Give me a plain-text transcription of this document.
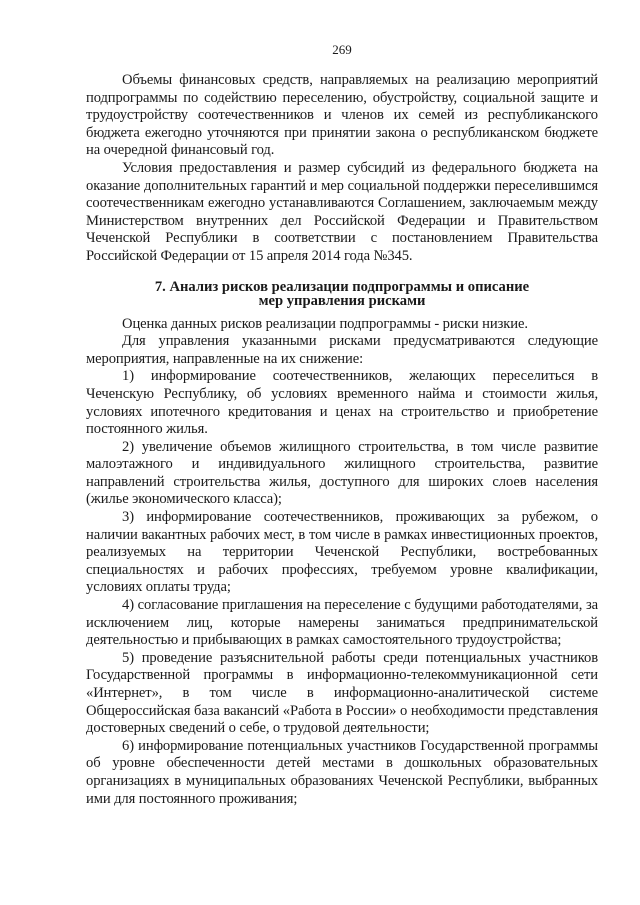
269

Объемы финансовых средств, направляемых на реализацию мероприятий подпрограммы по содействию переселению, обустройству, социальной защите и трудоустройству соотечественников и членов их семей из республиканского бюджета ежегодно уточняются при принятии закона о республиканском бюджете на очередной финансовый год.

Условия предоставления и размер субсидий из федерального бюджета на оказание дополнительных гарантий и мер социальной поддержки переселившимся соотечественникам ежегодно устанавливаются Соглашением, заключаемым между Министерством внутренних дел Российской Федерации и Правительством Чеченской Республики в соответствии с постановлением Правительства Российской Федерации от 15 апреля 2014 года №345.

7. Анализ рисков реализации подпрограммы и описание
мер управления рисками

Оценка данных рисков реализации подпрограммы - риски низкие.

Для управления указанными рисками предусматриваются следующие мероприятия, направленные на их снижение:

1) информирование соотечественников, желающих переселиться в Чеченскую Республику, об условиях временного найма и стоимости жилья, условиях ипотечного кредитования и ценах на строительство и приобретение постоянного жилья.

2) увеличение объемов жилищного строительства, в том числе развитие малоэтажного и индивидуального жилищного строительства, развитие направлений строительства жилья, доступного для широких слоев населения (жилье экономического класса);

3) информирование соотечественников, проживающих за рубежом, о наличии вакантных рабочих мест, в том числе в рамках инвестиционных проектов, реализуемых на территории Чеченской Республики, востребованных специальностях и рабочих профессиях, требуемом уровне квалификации, условиях оплаты труда;

4) согласование приглашения на переселение с будущими работодателями, за исключением лиц, которые намерены заниматься предпринимательской деятельностью и прибывающих в рамках самостоятельного трудоустройства;

5) проведение разъяснительной работы среди потенциальных участников Государственной программы в информационно-телекоммуникационной сети «Интернет», в том числе в информационно-аналитической системе Общероссийская база вакансий «Работа в России» о необходимости представления достоверных сведений о себе, о трудовой деятельности;

6) информирование потенциальных участников Государственной программы об уровне обеспеченности детей местами в дошкольных образовательных организациях в муниципальных образованиях Чеченской Республики, выбранных ими для постоянного проживания;
